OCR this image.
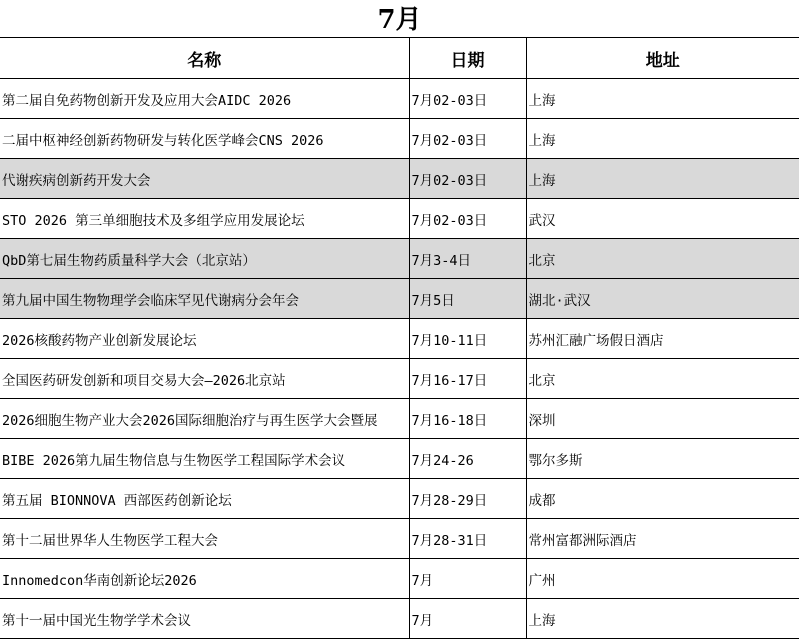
7月
名称	日期	地址
第二届自免药物创新开发及应用大会AIDC 2026	7月02-03日	上海
二届中枢神经创新药物研发与转化医学峰会CNS 2026	7月02-03日	上海
代谢疾病创新药开发大会	7月02-03日	上海
STO 2026 第三单细胞技术及多组学应用发展论坛	7月02-03日	武汉
QbD第七届生物药质量科学大会（北京站）	7月3-4日	北京
第九届中国生物物理学会临床罕见代谢病分会年会	7月5日	湖北·武汉
2026核酸药物产业创新发展论坛	7月10-11日	苏州汇融广场假日酒店
全国医药研发创新和项目交易大会—2026北京站	7月16-17日	北京
2026细胞生物产业大会2026国际细胞治疗与再生医学大会暨展	7月16-18日	深圳
BIBE 2026第九届生物信息与生物医学工程国际学术会议	7月24-26	鄂尔多斯
第五届 BIONNOVA 西部医药创新论坛	7月28-29日	成都
第十二届世界华人生物医学工程大会	7月28-31日	常州富都洲际酒店
Innomedcon华南创新论坛2026	7月	广州
第十一届中国光生物学学术会议	7月	上海
